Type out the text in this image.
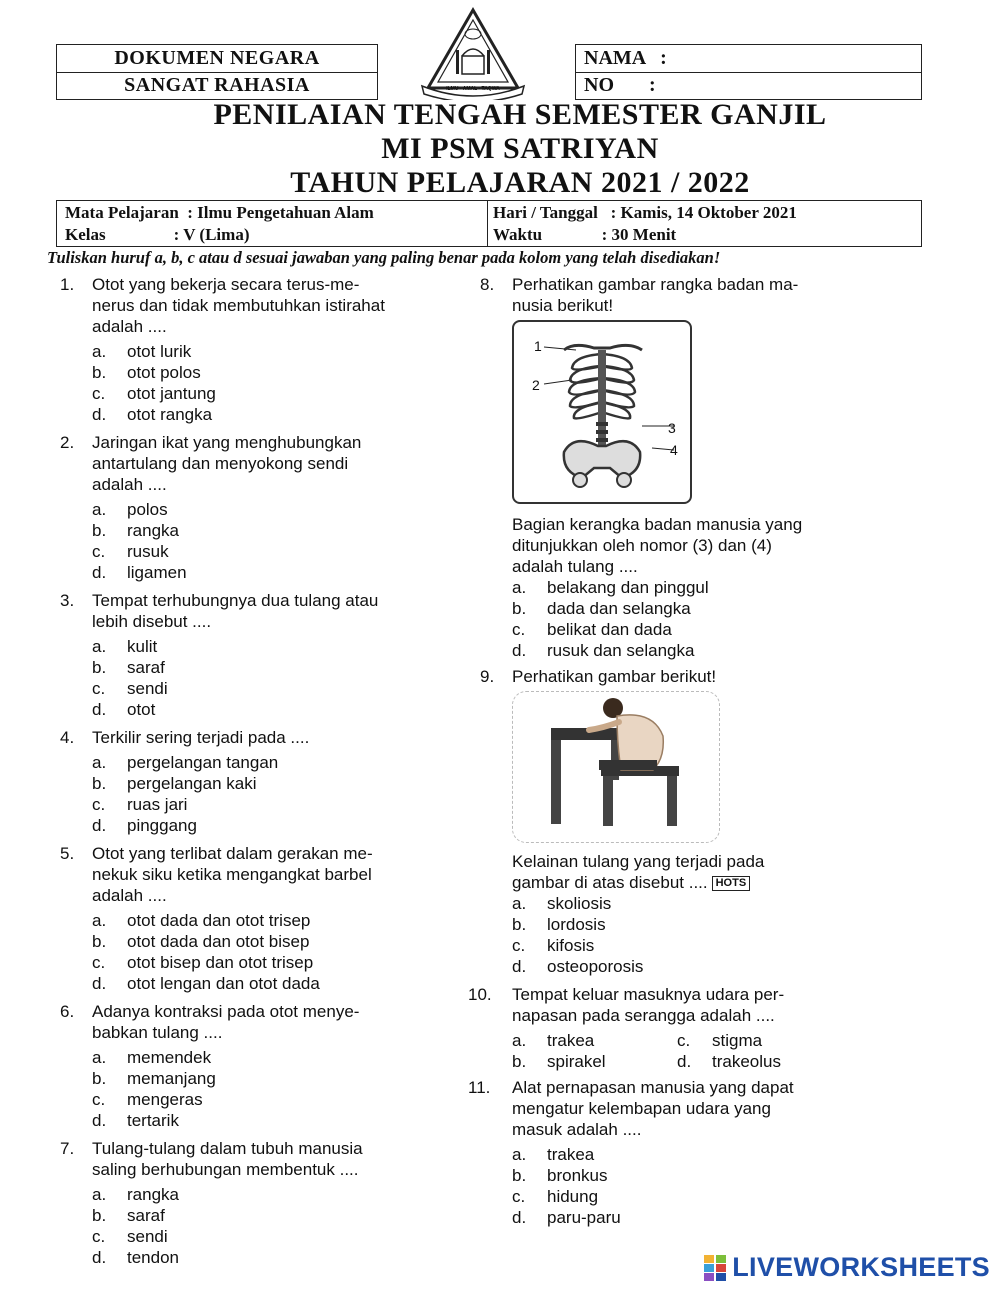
DOKUMEN NEGARA
SANGAT RAHASIA	ILMU - AMAL - TAQWA
NAMA   :
NO       :
PENILAIAN TENGAH SEMESTER GANJIL
MI PSM SATRIYAN
TAHUN PELAJARAN 2021 / 2022
Mata Pelajaran  : Ilmu Pengetahuan Alam
Kelas                : V (Lima)
Hari / Tanggal   : Kamis, 14 Oktober 2021
Waktu              : 30 Menit
Tuliskan huruf a, b, c atau d sesuai jawaban yang paling benar pada kolom yang telah disediakan!
1.	Otot yang bekerja secara terus-me-

nerus dan tidak membutuhkan istirahat

adalah ....

a.	otot lurik
b.	otot polos
c.	otot jantung
d.	otot rangka
2.	Jaringan ikat yang menghubungkan

antartulang dan menyokong sendi

adalah ....

a.	polos
b.	rangka
c.	rusuk
d.	ligamen
3.	Tempat terhubungnya dua tulang atau

lebih disebut ....

a.	kulit
b.	saraf
c.	sendi
d.	otot
4.	Terkilir sering terjadi pada ....

a.	pergelangan tangan
b.	pergelangan kaki
c.	ruas jari
d.	pinggang
5.	Otot yang terlibat dalam gerakan me-

nekuk siku ketika mengangkat barbel

adalah ....

a.	otot dada dan otot trisep
b.	otot dada dan otot bisep
c.	otot bisep dan otot trisep
d.	otot lengan dan otot dada
6.	Adanya kontraksi pada otot menye-

babkan tulang ....

a.	memendek
b.	memanjang
c.	mengeras
d.	tertarik
7.	Tulang-tulang dalam tubuh manusia

saling berhubungan membentuk ....

a.	rangka
b.	saraf
c.	sendi
d.	tendon
8.	Perhatikan gambar rangka badan ma-

nusia berikut!

1
2
3
4

Bagian kerangka badan manusia yang

ditunjukkan oleh nomor (3) dan (4)

adalah tulang ....

a.	belakang dan pinggul
b.	dada dan selangka
c.	belikat dan dada
d.	rusuk dan selangka
9.	Perhatikan gambar berikut!

Kelainan tulang yang terjadi pada

gambar di atas disebut .... HOTS

a.	skoliosis
b.	lordosis
c.	kifosis
d.	osteoporosis
10.	Tempat keluar masuknya udara per-

napasan pada serangga adalah ....

a.	trakea	c.	stigma
b.	spirakel	d.	trakeolus
11.	Alat pernapasan manusia yang dapat

mengatur kelembapan udara yang

masuk adalah ....

a.	trakea
b.	bronkus
c.	hidung
d.	paru-paru
LIVEWORKSHEETS
